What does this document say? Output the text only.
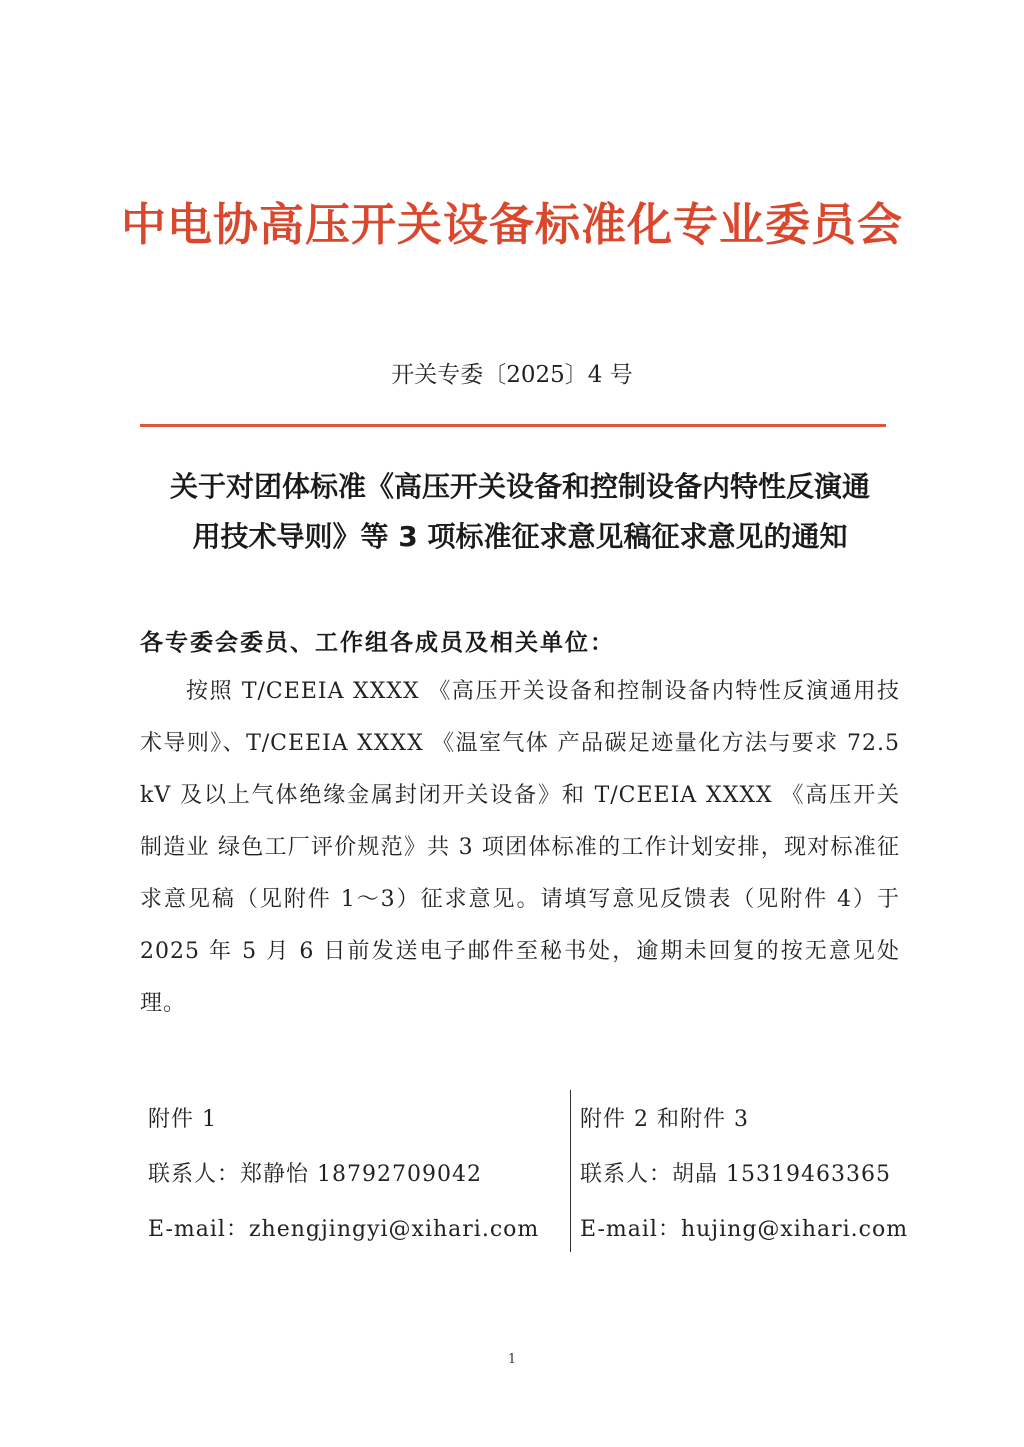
中电协高压开关设备标准化专业委员会
开关专委〔2025〕4 号
关于对团体标准《高压开关设备和控制设备内特性反演通
用技术导则》等 3 项标准征求意见稿征求意见的通知
各专委会委员、工作组各成员及相关单位：
按照 T/CEEIA XXXX 《高压开关设备和控制设备内特性反演通用技术导则》、T/CEEIA XXXX 《温室气体 产品碳足迹量化方法与要求 72.5 kV 及以上气体绝缘金属封闭开关设备》和 T/CEEIA XXXX 《高压开关制造业 绿色工厂评价规范》共 3 项团体标准的工作计划安排，现对标准征求意见稿（见附件 1～3）征求意见。请填写意见反馈表（见附件 4）于 2025 年 5 月 6 日前发送电子邮件至秘书处，逾期未回复的按无意见处理。
附件 1
联系人：郑静怡 18792709042
E-mail：zhengjingyi@xihari.com
附件 2 和附件 3
联系人：胡晶 15319463365
E-mail：hujing@xihari.com
1
